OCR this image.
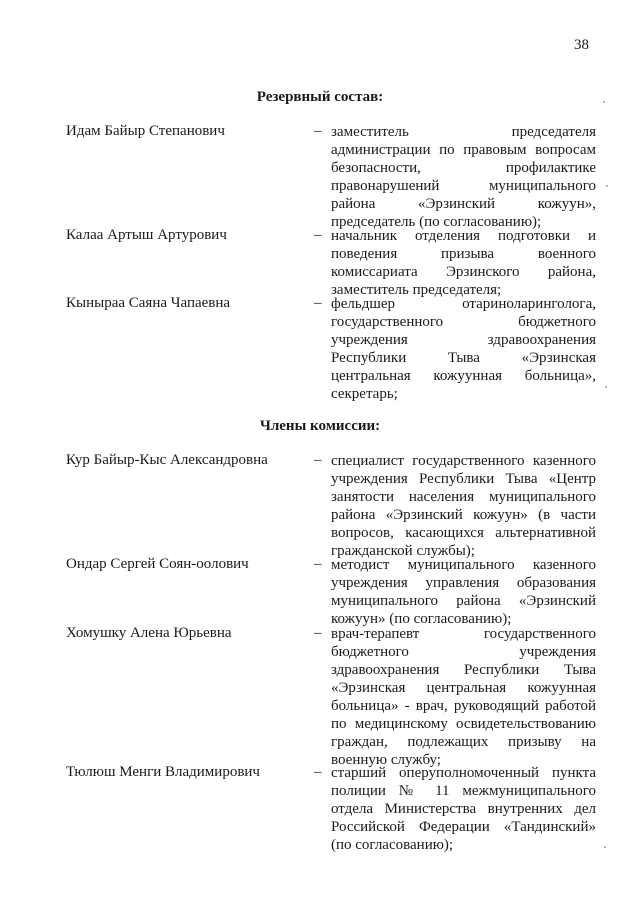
38
Резервный состав:
Идам Байыр Степанович	– заместитель председателя администрации по правовым вопросам безопасности, профилактике правонарушений муниципального района «Эрзинский кожуун», председатель (по согласованию);
Калаа Артыш Артурович	– начальник отделения подготовки и поведения призыва военного комиссариата Эрзинского района, заместитель председателя;
Кыныраа Саяна Чапаевна	– фельдшер отариноларинголога, государственного бюджетного учреждения здравоохранения Республики Тыва «Эрзинская центральная кожуунная больница», секретарь;
Члены комиссии:
Кур Байыр-Кыс Александровна	– специалист государственного казенного учреждения Республики Тыва «Центр занятости населения муниципального района «Эрзинский кожуун» (в части вопросов, касающихся альтернативной гражданской службы);
Ондар Сергей Соян-оолович	– методист муниципального казенного учреждения управления образования муниципального района «Эрзинский кожуун» (по согласованию);
Хомушку Алена Юрьевна	– врач-терапевт государственного бюджетного учреждения здравоохранения Республики Тыва «Эрзинская центральная кожуунная больница» - врач, руководящий работой по медицинскому освидетельствованию граждан, подлежащих призыву на военную службу;
Тюлюш Менги Владимирович	– старший оперуполномоченный пункта полиции № 11 межмуниципального отдела Министерства внутренних дел Российской Федерации «Тандинский» (по согласованию);
